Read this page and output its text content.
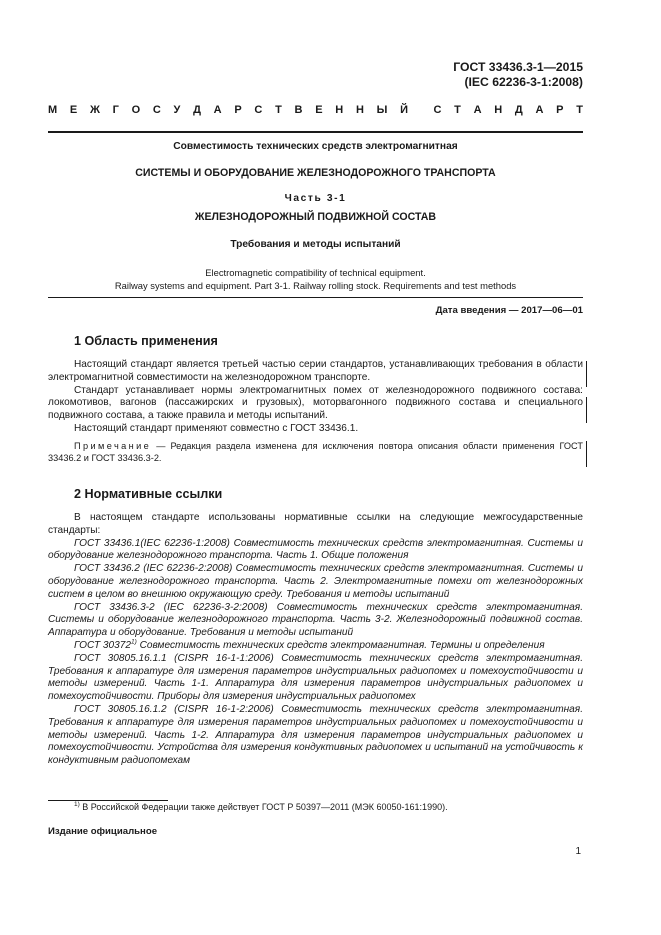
ГОСТ 33436.3-1—2015
(IEC 62236-3-1:2008)
М Е Ж Г О С У Д А Р С Т В Е Н Н Ы Й С Т А Н Д А Р Т
Совместимость технических средств электромагнитная
СИСТЕМЫ И ОБОРУДОВАНИЕ ЖЕЛЕЗНОДОРОЖНОГО ТРАНСПОРТА
Часть 3-1
ЖЕЛЕЗНОДОРОЖНЫЙ ПОДВИЖНОЙ СОСТАВ
Требования и методы испытаний
Electromagnetic compatibility of technical equipment.
Railway systems and equipment. Part 3-1. Railway rolling stock. Requirements and test methods
Дата введения — 2017—06—01
1 Область применения

Настоящий стандарт является третьей частью серии стандартов, устанавливающих требования в области электромагнитной совместимости на железнодорожном транспорте.

Стандарт устанавливает нормы электромагнитных помех от железнодорожного подвижного состава: локомотивов, вагонов (пассажирских и грузовых), моторвагонного подвижного состава и специального подвижного состава, а также правила и методы испытаний.

Настоящий стандарт применяют совместно с ГОСТ 33436.1.

Примечание — Редакция раздела изменена для исключения повтора описания области применения ГОСТ 33436.2 и ГОСТ 33436.3-2.

2 Нормативные ссылки

В настоящем стандарте использованы нормативные ссылки на следующие межгосударственные стандарты:

ГОСТ 33436.1(IEC 62236-1:2008) Совместимость технических средств электромагнитная. Системы и оборудование железнодорожного транспорта. Часть 1. Общие положения

ГОСТ 33436.2 (IEC 62236-2:2008) Совместимость технических средств электромагнитная. Системы и оборудование железнодорожного транспорта. Часть 2. Электромагнитные помехи от железнодорожных систем в целом во внешнюю окружающую среду. Требования и методы испытаний

ГОСТ 33436.3-2 (IEC 62236-3-2:2008) Совместимость технических средств электромагнитная. Системы и оборудование железнодорожного транспорта. Часть 3-2. Железнодорожный подвижной состав. Аппаратура и оборудование. Требования и методы испытаний

ГОСТ 30372$^{1)}$ Совместимость технических средств электромагнитная. Термины и определения

ГОСТ 30805.16.1.1 (CISPR 16-1-1:2006) Совместимость технических средств электромагнитная. Требования к аппаратуре для измерения параметров индустриальных радиопомех и помехоустойчивости и методы измерений. Часть 1-1. Аппаратура для измерения параметров индустриальных радиопомех и помехоустойчивости. Приборы для измерения индустриальных радиопомех

ГОСТ 30805.16.1.2 (CISPR 16-1-2:2006) Совместимость технических средств электромагнитная. Требования к аппаратуре для измерения параметров индустриальных радиопомех и помехоустойчивости и методы измерений. Часть 1-2. Аппаратура для измерения параметров индустриальных радиопомех и помехоустойчивости. Устройства для измерения кондуктивных радиопомех и испытаний на устойчивость к кондуктивным радиопомехам

$^{1)}$ В Российской Федерации также действует ГОСТ Р 50397—2011 (МЭК 60050-161:1990).
Издание официальное
1
